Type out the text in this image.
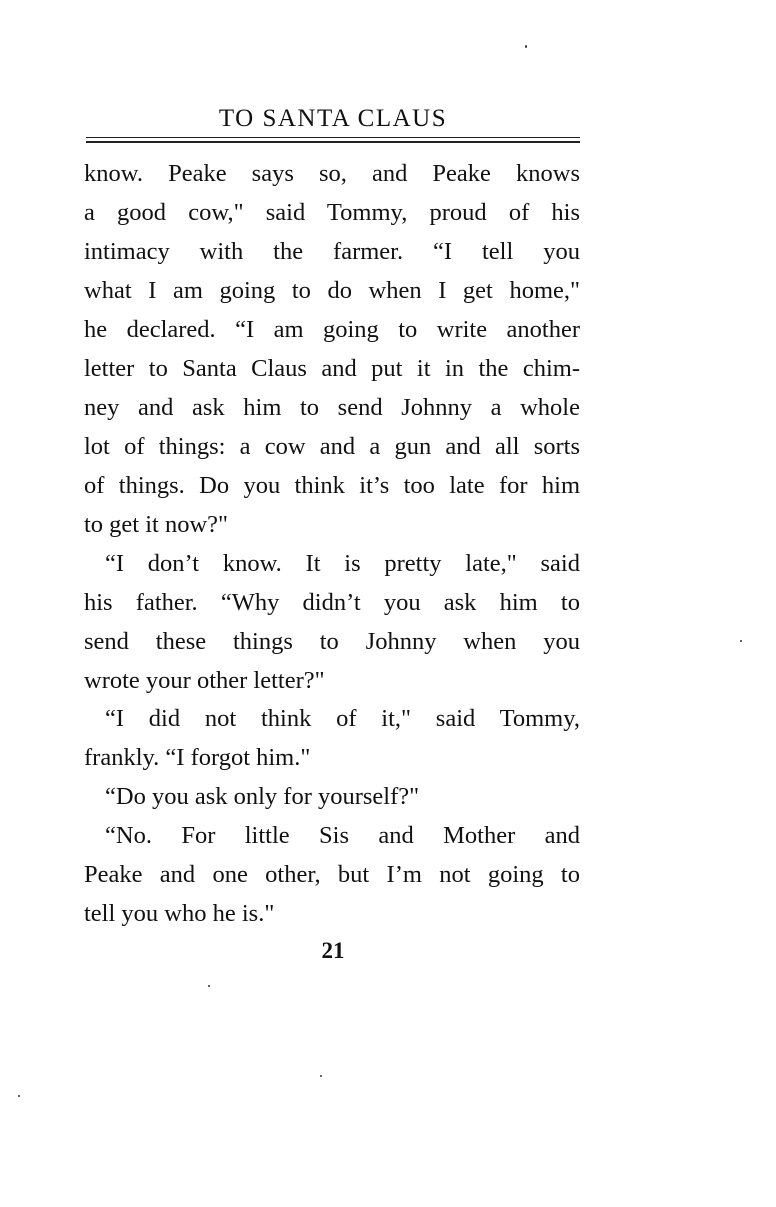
TO SANTA CLAUS
know. Peake says so, and Peake knows
a good cow," said Tommy, proud of his
intimacy with the farmer. “I tell you
what I am going to do when I get home,"
he declared. “I am going to write another
letter to Santa Claus and put it in the chim-
ney and ask him to send Johnny a whole
lot of things: a cow and a gun and all sorts
of things. Do you think it’s too late for him
to get it now?"
“I don’t know. It is pretty late," said
his father. “Why didn’t you ask him to
send these things to Johnny when you
wrote your other letter?"
“I did not think of it," said Tommy,
frankly. “I forgot him."
“Do you ask only for yourself?"
“No. For little Sis and Mother and
Peake and one other, but I’m not going to
tell you who he is."
21
